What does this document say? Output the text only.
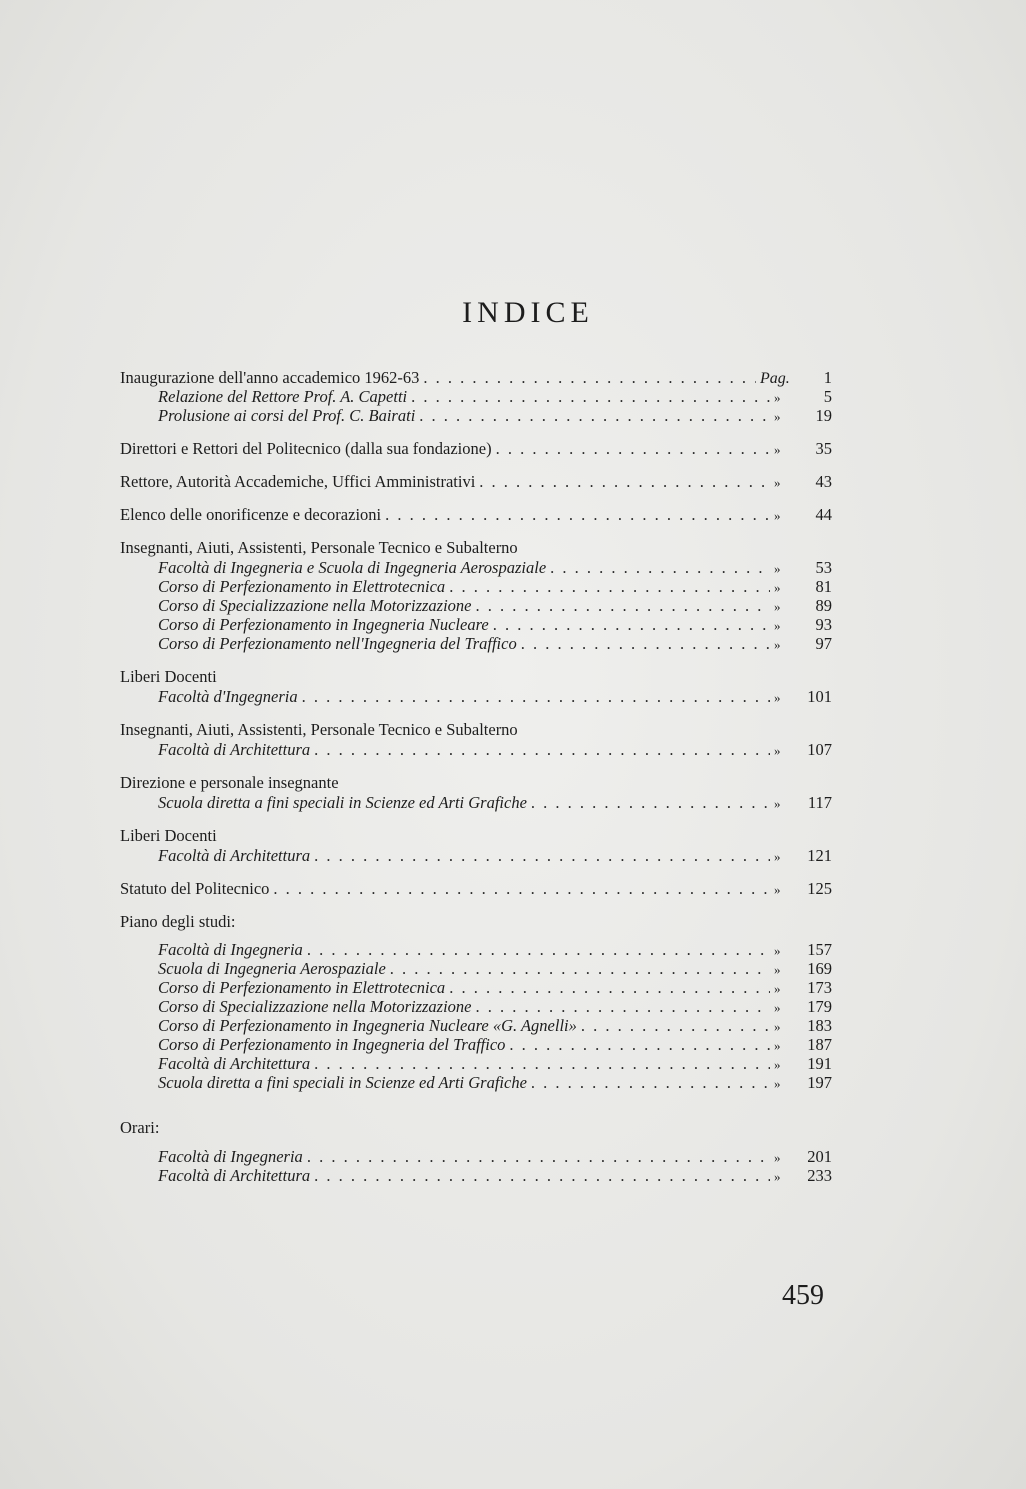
INDICE
Inaugurazione dell'anno accademico 1962-63 . . .	Pag.	1
Relazione del Rettore Prof. A. Capetti . . .	»	5
Prolusione ai corsi del Prof. C. Bairati . . .	»	19
Direttori e Rettori del Politecnico (dalla sua fondazione) . . .	»	35
Rettore, Autorità Accademiche, Uffici Amministrativi . . .	»	43
Elenco delle onorificenze e decorazioni . . .	»	44
Insegnanti, Aiuti, Assistenti, Personale Tecnico e Subalterno
Facoltà di Ingegneria e Scuola di Ingegneria Aerospaziale . . .	»	53
Corso di Perfezionamento in Elettrotecnica . . .	»	81
Corso di Specializzazione nella Motorizzazione . . .	»	89
Corso di Perfezionamento in Ingegneria Nucleare . . .	»	93
Corso di Perfezionamento nell'Ingegneria del Traffico . . .	»	97
Liberi Docenti
Facoltà d'Ingegneria . . .	»	101
Insegnanti, Aiuti, Assistenti, Personale Tecnico e Subalterno
Facoltà di Architettura . . .	»	107
Direzione e personale insegnante
Scuola diretta a fini speciali in Scienze ed Arti Grafiche . . .	»	117
Liberi Docenti
Facoltà di Architettura . . .	»	121
Statuto del Politecnico . . .	»	125
Piano degli studi:
Facoltà di Ingegneria . . .	»	157
Scuola di Ingegneria Aerospaziale . . .	»	169
Corso di Perfezionamento in Elettrotecnica . . .	»	173
Corso di Specializzazione nella Motorizzazione . . .	»	179
Corso di Perfezionamento in Ingegneria Nucleare «G. Agnelli» . . .	»	183
Corso di Perfezionamento in Ingegneria del Traffico . . .	»	187
Facoltà di Architettura . . .	»	191
Scuola diretta a fini speciali in Scienze ed Arti Grafiche . . .	»	197
Orari:
Facoltà di Ingegneria . . .	»	201
Facoltà di Architettura . . .	»	233
459
